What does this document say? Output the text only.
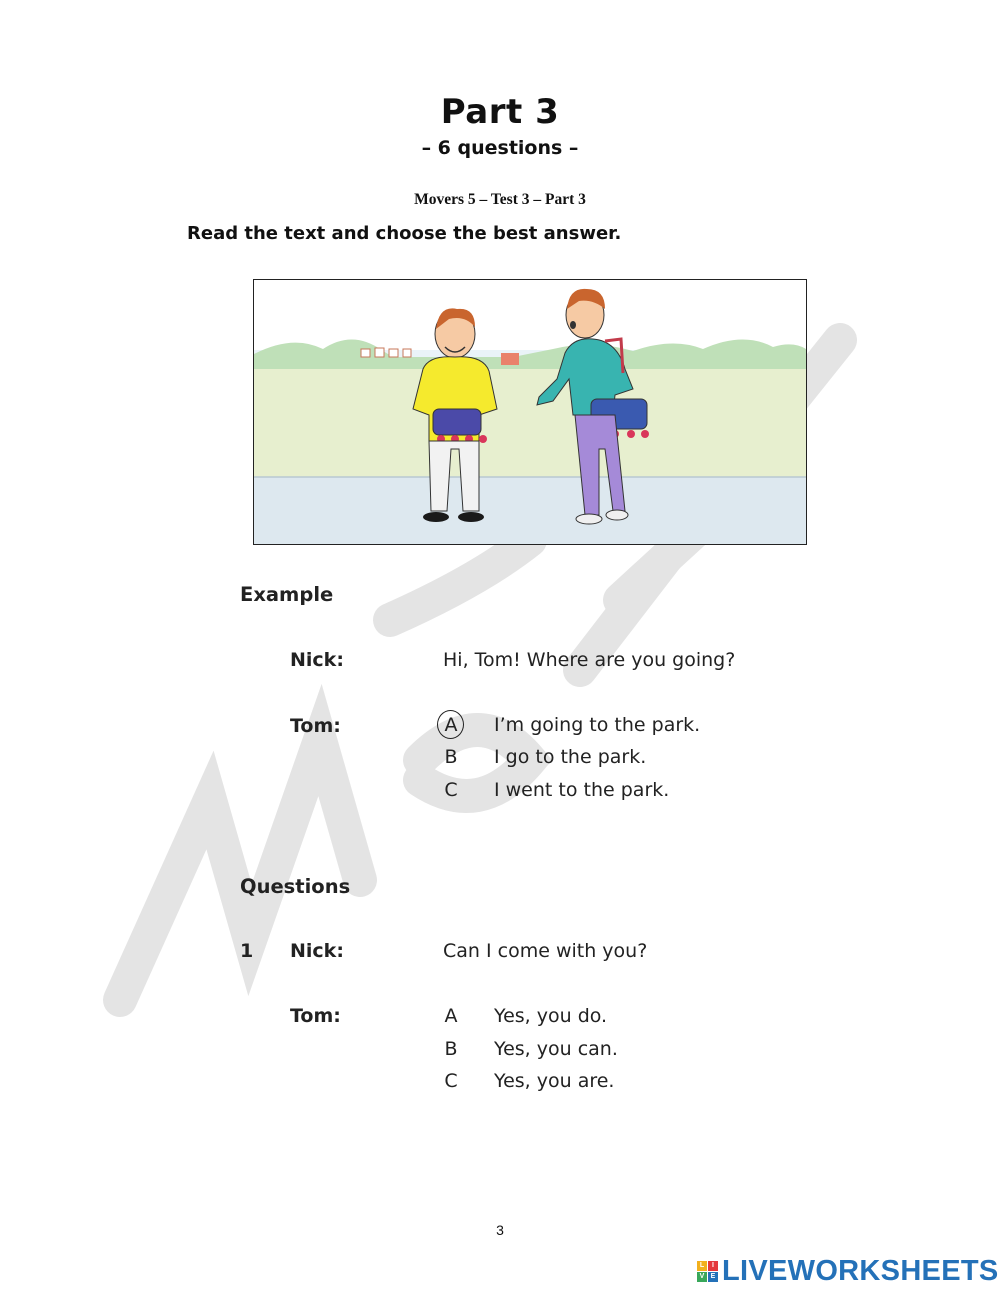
Part 3
– 6 questions –
Movers 5 – Test 3 – Part 3
Read the text and choose the best answer.
Example
Nick:	Hi, Tom! Where are you going?
Tom:	A I’m going to the park.
B I go to the park.
C I went to the park.
Questions
1 Nick:	Can I come with you?
Tom:	A Yes, you do.
B Yes, you can.
C Yes, you are.
3
L	I
V E LIVEWORKSHEETS
